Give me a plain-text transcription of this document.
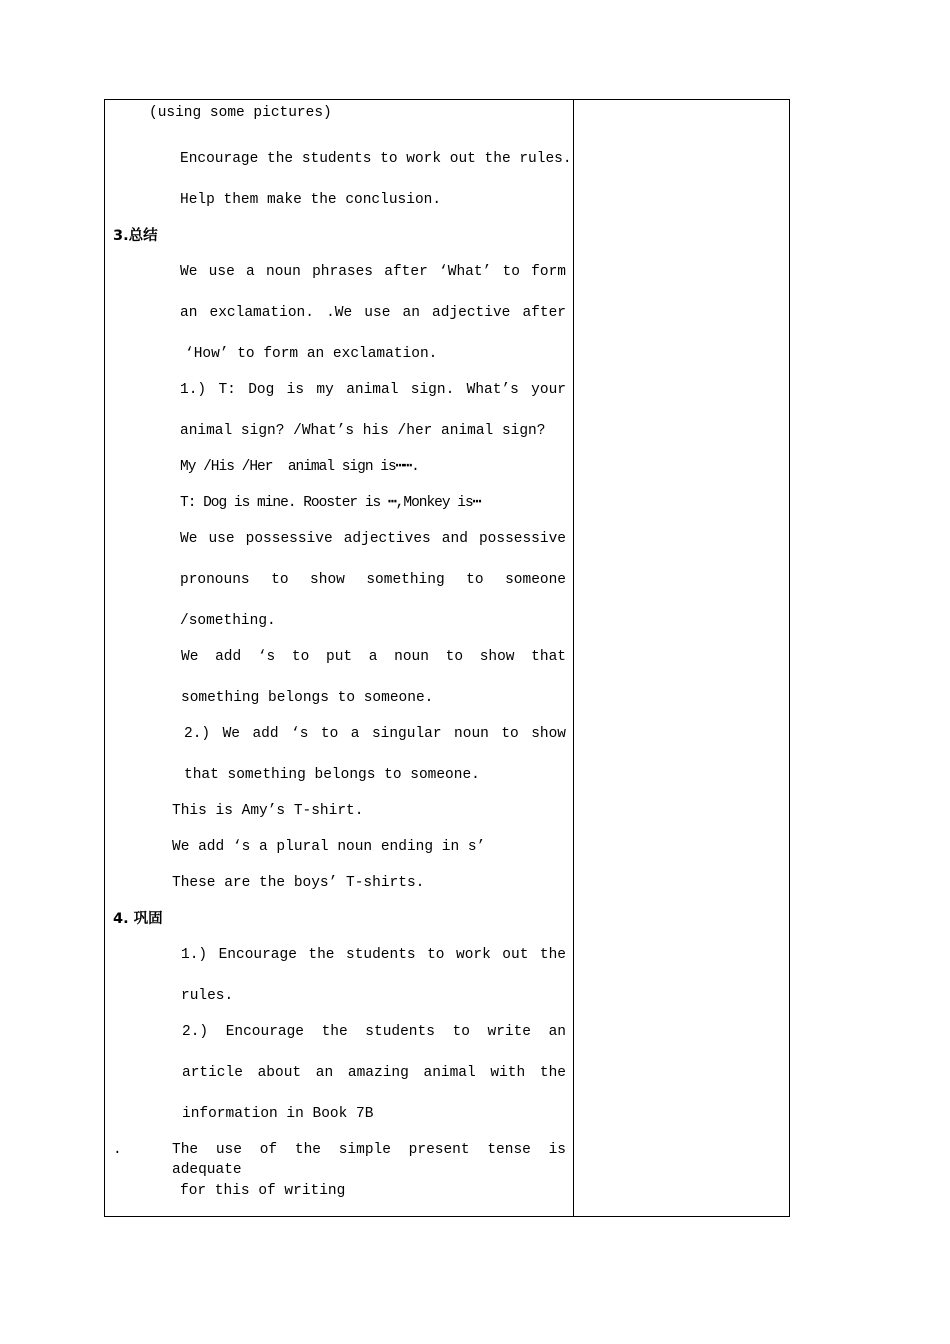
(using some pictures)
Encourage the students to work out the rules.
Help them make the conclusion.
3.总结
We use a noun phrases after ‘What’ to form
an exclamation. .We use an adjective after
‘How’ to form an exclamation.
1.) T: Dog is my animal sign. What’s your
animal sign? /What’s his /her animal sign?
My /His /Her  animal sign is┅┅.
T: Dog is mine. Rooster is ┅,Monkey is┅
We use possessive adjectives and possessive
pronouns to show something to someone
/something.
We add ‘s to put a noun to show that
something belongs to someone.
2.) We add ‘s to a singular noun to show
that something belongs to someone.
This is Amy’s T-shirt.
We add ‘s a plural noun ending in s’
These are the boys’ T-shirts.
4. 巩固
1.) Encourage the students to work out the
rules.
2.) Encourage the students to write an
article about an amazing animal with the
information in Book 7B
.	The use of the simple present tense is adequate
for this of writing
